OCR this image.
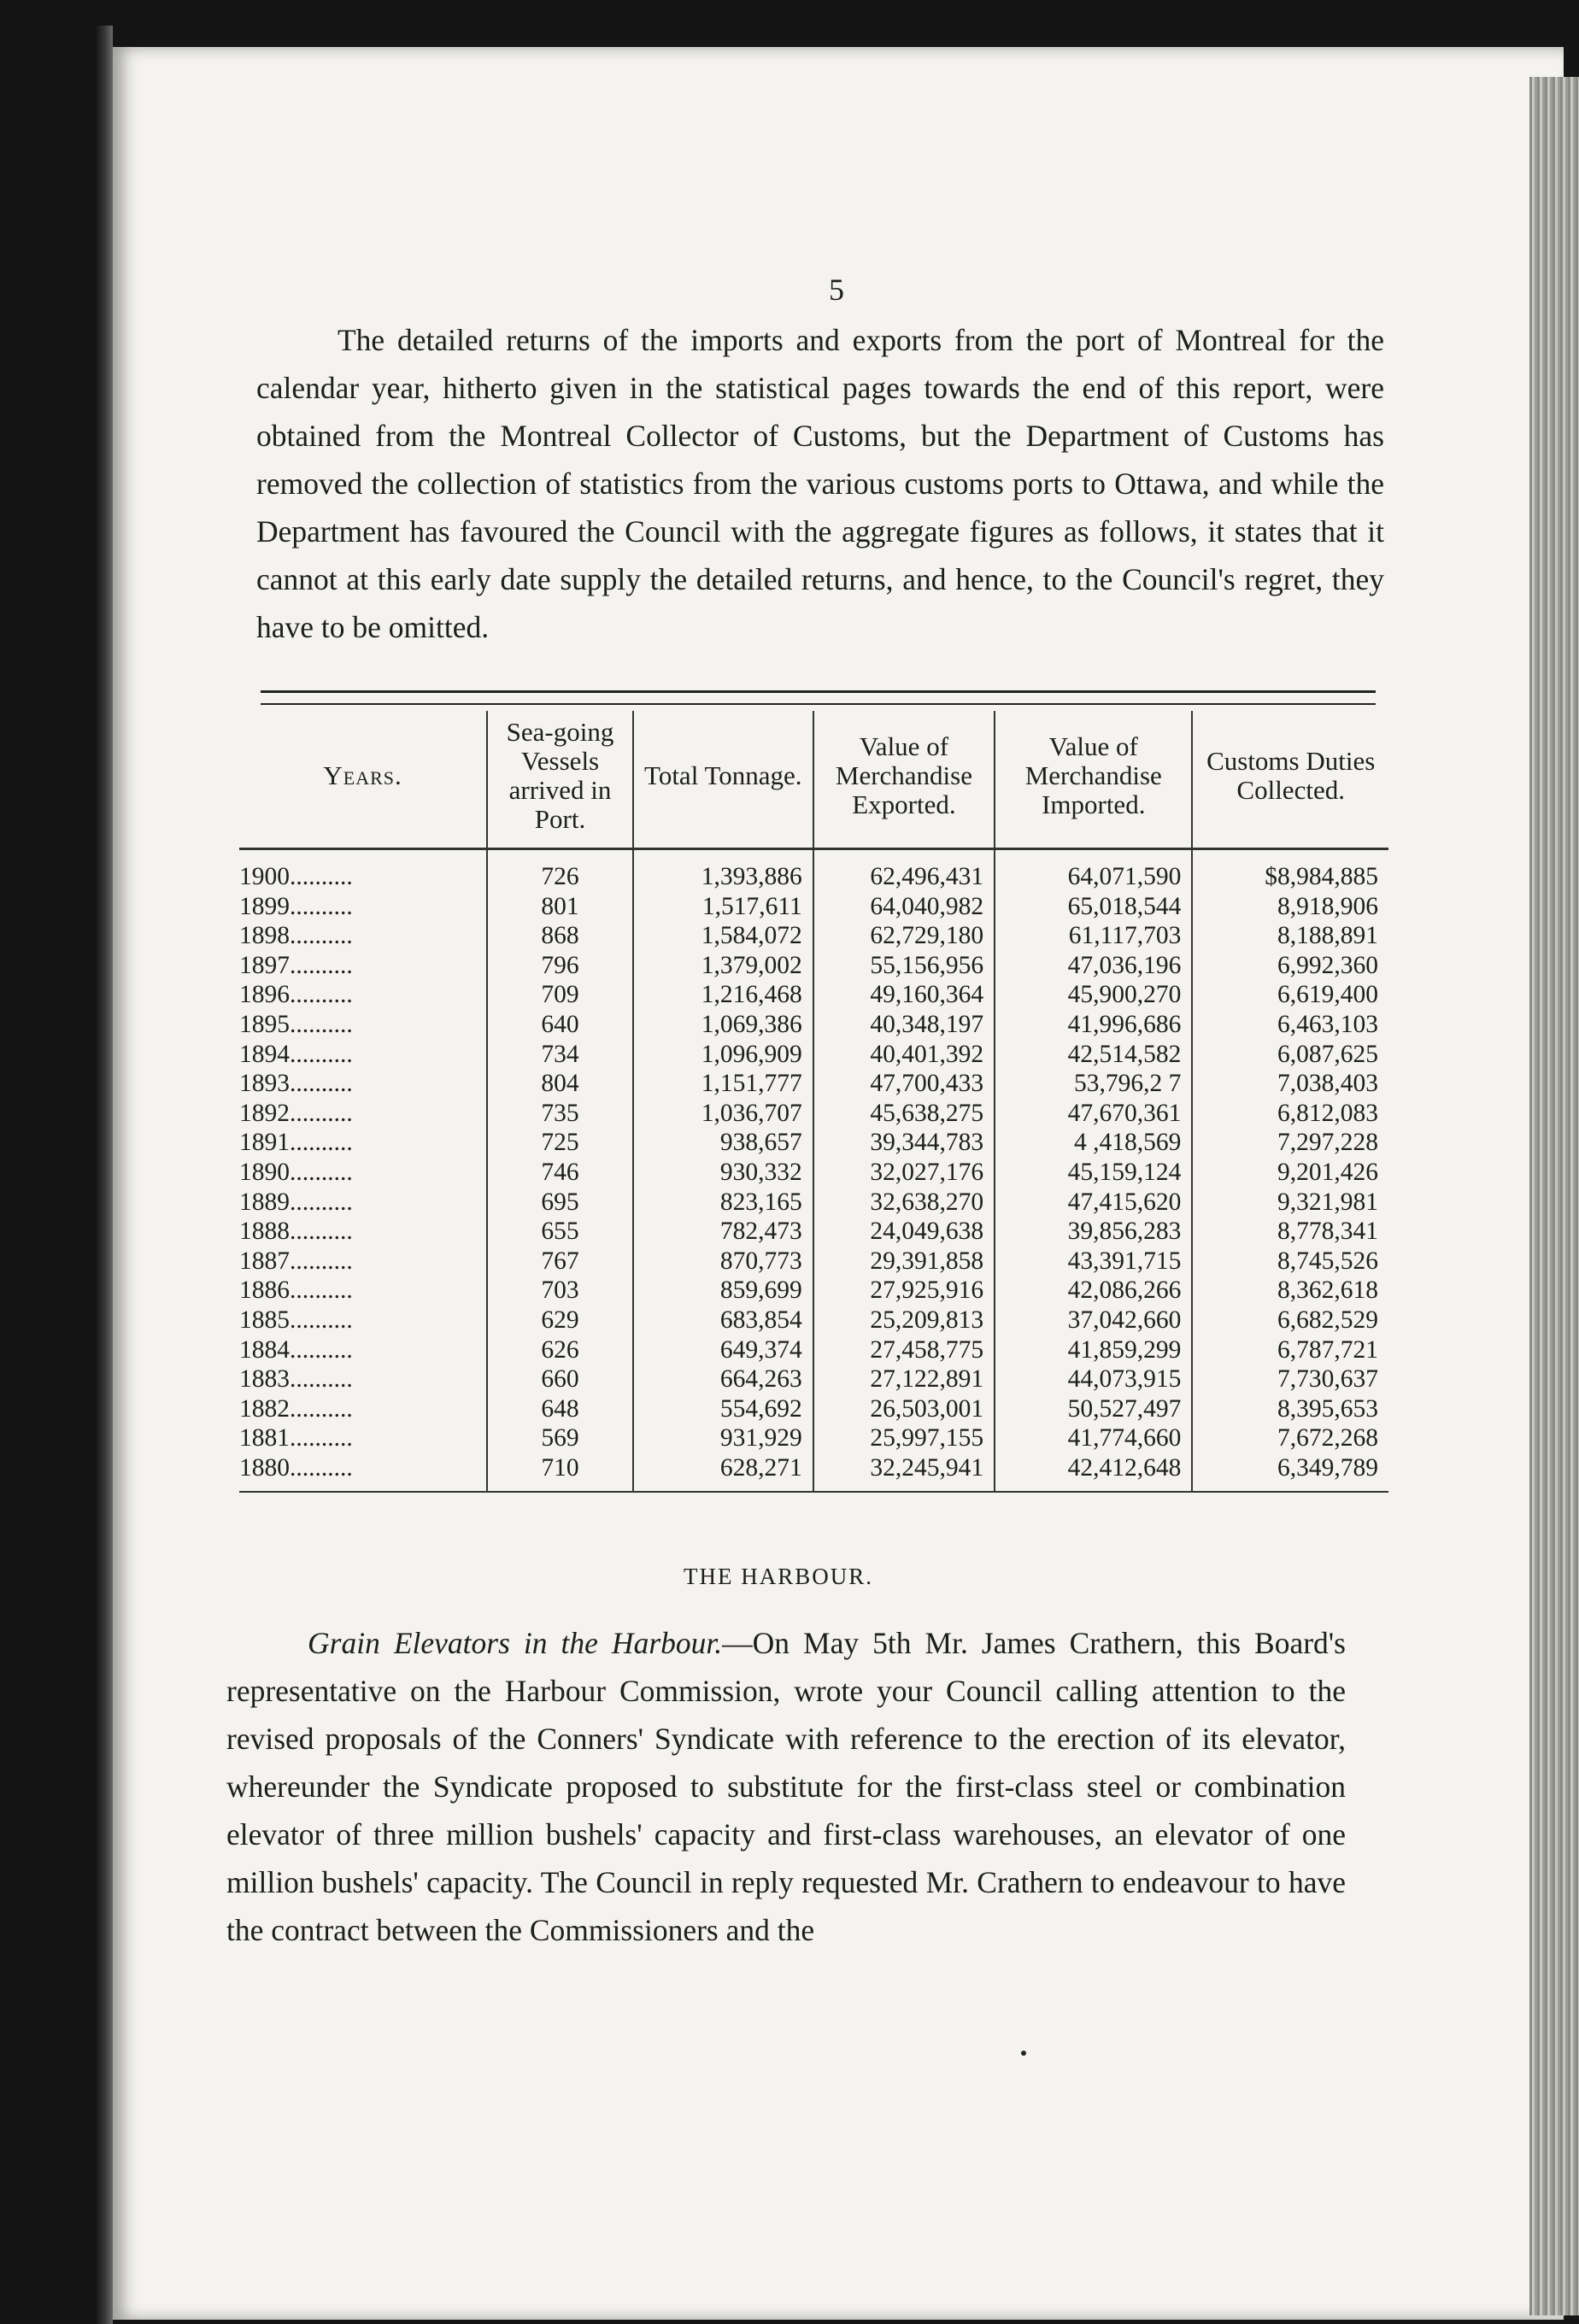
5

The detailed returns of the imports and exports from the port of Montreal for the calendar year, hitherto given in the statistical pages towards the end of this report, were obtained from the Montreal Collector of Customs, but the Department of Customs has removed the collection of statistics from the various customs ports to Ottawa, and while the Department has favoured the Council with the aggregate figures as follows, it states that it cannot at this early date supply the detailed returns, and hence, to the Council's regret, they have to be omitted.

Years.	Sea-going Vessels arrived in Port.	Total Tonnage.	Value of Merchandise Exported.	Value of Merchandise Imported.	Customs Duties Collected.
1900..........	726	1,393,886	62,496,431	64,071,590	$8,984,885
1899..........	801	1,517,611	64,040,982	65,018,544	8,918,906
1898..........	868	1,584,072	62,729,180	61,117,703	8,188,891
1897..........	796	1,379,002	55,156,956	47,036,196	6,992,360
1896..........	709	1,216,468	49,160,364	45,900,270	6,619,400
1895..........	640	1,069,386	40,348,197	41,996,686	6,463,103
1894..........	734	1,096,909	40,401,392	42,514,582	6,087,625
1893..........	804	1,151,777	47,700,433	53,796,2 7	7,038,403
1892..........	735	1,036,707	45,638,275	47,670,361	6,812,083
1891..........	725	938,657	39,344,783	4 ,418,569	7,297,228
1890..........	746	930,332	32,027,176	45,159,124	9,201,426
1889..........	695	823,165	32,638,270	47,415,620	9,321,981
1888..........	655	782,473	24,049,638	39,856,283	8,778,341
1887..........	767	870,773	29,391,858	43,391,715	8,745,526
1886..........	703	859,699	27,925,916	42,086,266	8,362,618
1885..........	629	683,854	25,209,813	37,042,660	6,682,529
1884..........	626	649,374	27,458,775	41,859,299	6,787,721
1883..........	660	664,263	27,122,891	44,073,915	7,730,637
1882..........	648	554,692	26,503,001	50,527,497	8,395,653
1881..........	569	931,929	25,997,155	41,774,660	7,672,268
1880..........	710	628,271	32,245,941	42,412,648	6,349,789
THE HARBOUR.

Grain Elevators in the Harbour.—On May 5th Mr. James Crathern, this Board's representative on the Harbour Commission, wrote your Council calling attention to the revised proposals of the Conners' Syndicate with reference to the erection of its elevator, whereunder the Syndicate proposed to substitute for the first-class steel or combination elevator of three million bushels' capacity and first-class warehouses, an elevator of one million bushels' capacity. The Council in reply requested Mr. Crathern to endeavour to have the contract between the Commissioners and the
